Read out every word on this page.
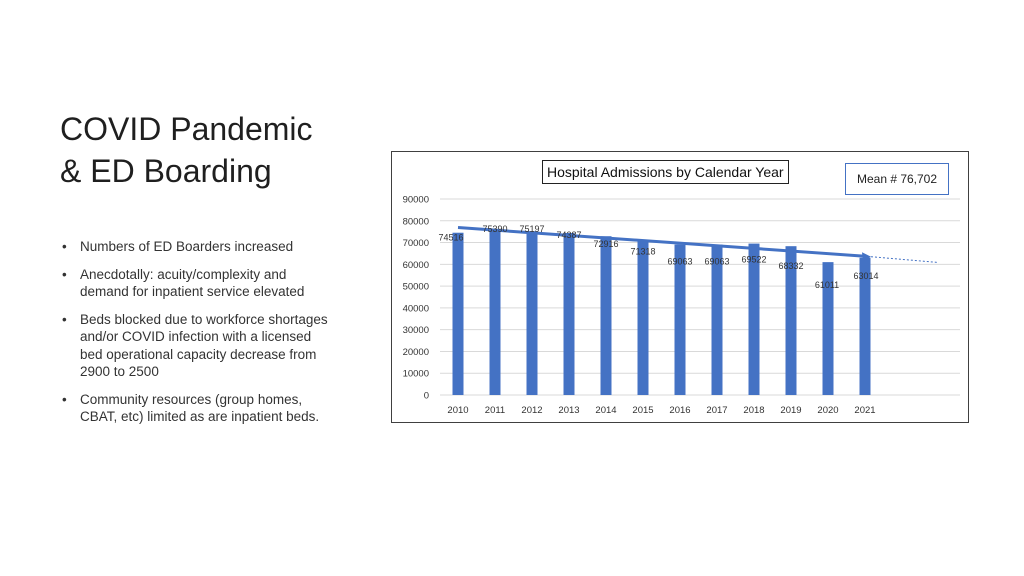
COVID Pandemic
& ED Boarding
• Numbers of ED Boarders increased
• Anecdotally: acuity/complexity and demand for inpatient service elevated
• Beds blocked due to workforce shortages and/or COVID infection with a licensed bed operational capacity decrease from 2900 to 2500
• Community resources (group homes, CBAT, etc) limited as are inpatient beds.
0
10000
20000
30000
40000
50000
60000
70000
80000
90000
2010 2011 2012 2013 2014 2015 2016 2017 2018 2019 2020 2021
74516
75390 75197
74387
72916
71318
69063 69063 69522
68332
61011
63014
Hospital Admissions by Calendar Year	Mean # 76,702
